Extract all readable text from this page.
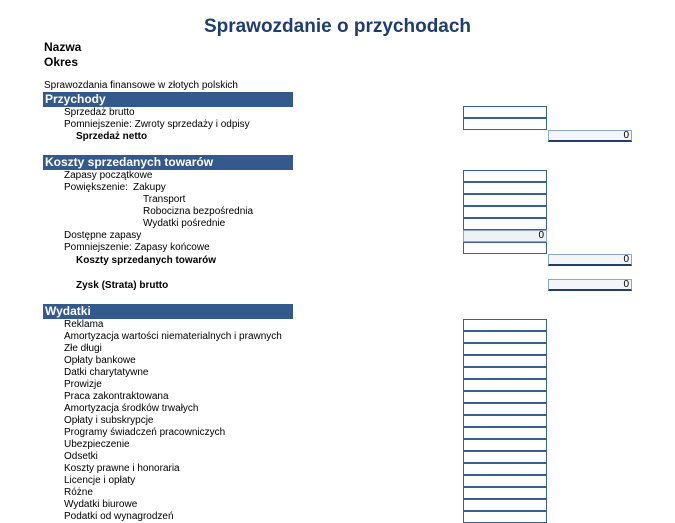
Sprawozdanie o przychodach
Nazwa
Okres
Sprawozdania finansowe w złotych polskich
Przychody
Sprzedaż brutto
Pomniejszenie: Zwroty sprzedaży i odpisy
Sprzedaż netto	0
Koszty sprzedanych towarów
Zapasy początkowe
Powiększenie: Zakupy
Transport
Robocizna bezpośrednia
Wydatki pośrednie
Dostępne zapasy	0
Pomniejszenie: Zapasy końcowe
Koszty sprzedanych towarów	0
Zysk (Strata) brutto	0
Wydatki
Reklama
Amortyzacja wartości niematerialnych i prawnych
Złe długi
Opłaty bankowe
Datki charytatywne
Prowizje
Praca zakontraktowana
Amortyzacja środków trwałych
Opłaty i subskrypcje
Programy świadczeń pracowniczych
Ubezpieczenie
Odsetki
Koszty prawne i honoraria
Licencje i opłaty
Różne
Wydatki biurowe
Podatki od wynagrodzeń
